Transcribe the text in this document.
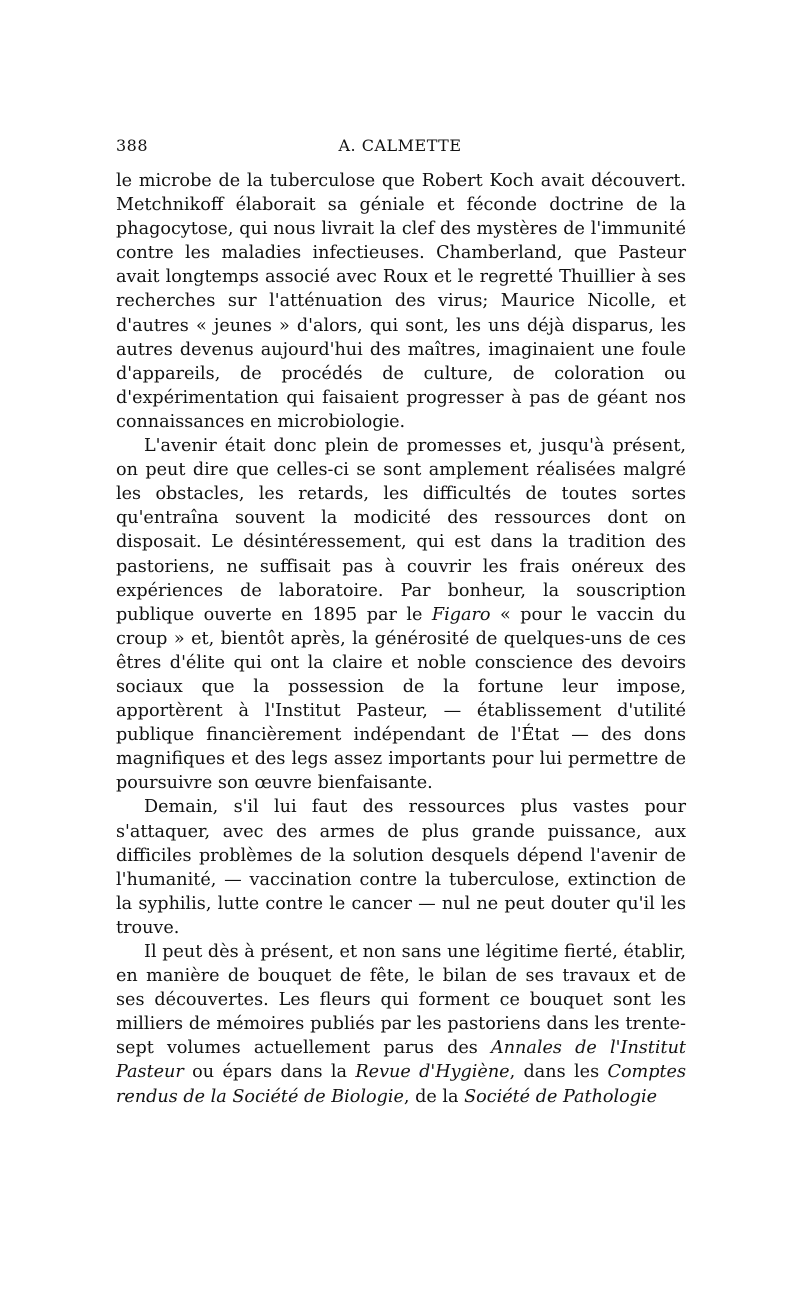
388	A. CALMETTE

le microbe de la tuberculose que Robert Koch avait découvert. Metchnikoff élaborait sa géniale et féconde doctrine de la phagocytose, qui nous livrait la clef des mystères de l'immunité contre les maladies infectieuses. Chamberland, que Pasteur avait longtemps associé avec Roux et le regretté Thuillier à ses recherches sur l'atténuation des virus; Maurice Nicolle, et d'autres « jeunes » d'alors, qui sont, les uns déjà disparus, les autres devenus aujourd'hui des maîtres, imaginaient une foule d'appareils, de procédés de culture, de coloration ou d'expérimentation qui faisaient progresser à pas de géant nos connaissances en microbiologie.

L'avenir était donc plein de promesses et, jusqu'à présent, on peut dire que celles-ci se sont amplement réalisées malgré les obstacles, les retards, les difficultés de toutes sortes qu'entraîna souvent la modicité des ressources dont on disposait. Le désintéressement, qui est dans la tradition des pastoriens, ne suffisait pas à couvrir les frais onéreux des expériences de laboratoire. Par bonheur, la souscription publique ouverte en 1895 par le Figaro « pour le vaccin du croup » et, bientôt après, la générosité de quelques-uns de ces êtres d'élite qui ont la claire et noble conscience des devoirs sociaux que la possession de la fortune leur impose, apportèrent à l'Institut Pasteur, — établissement d'utilité publique financièrement indépendant de l'État — des dons magnifiques et des legs assez importants pour lui permettre de poursuivre son œuvre bienfaisante.

Demain, s'il lui faut des ressources plus vastes pour s'attaquer, avec des armes de plus grande puissance, aux difficiles problèmes de la solution desquels dépend l'avenir de l'humanité, — vaccination contre la tuberculose, extinction de la syphilis, lutte contre le cancer — nul ne peut douter qu'il les trouve.

Il peut dès à présent, et non sans une légitime fierté, établir, en manière de bouquet de fête, le bilan de ses travaux et de ses découvertes. Les fleurs qui forment ce bouquet sont les milliers de mémoires publiés par les pastoriens dans les trente-sept volumes actuellement parus des Annales de l'Institut Pasteur ou épars dans la Revue d'Hygiène, dans les Comptes rendus de la Société de Biologie, de la Société de Pathologie
